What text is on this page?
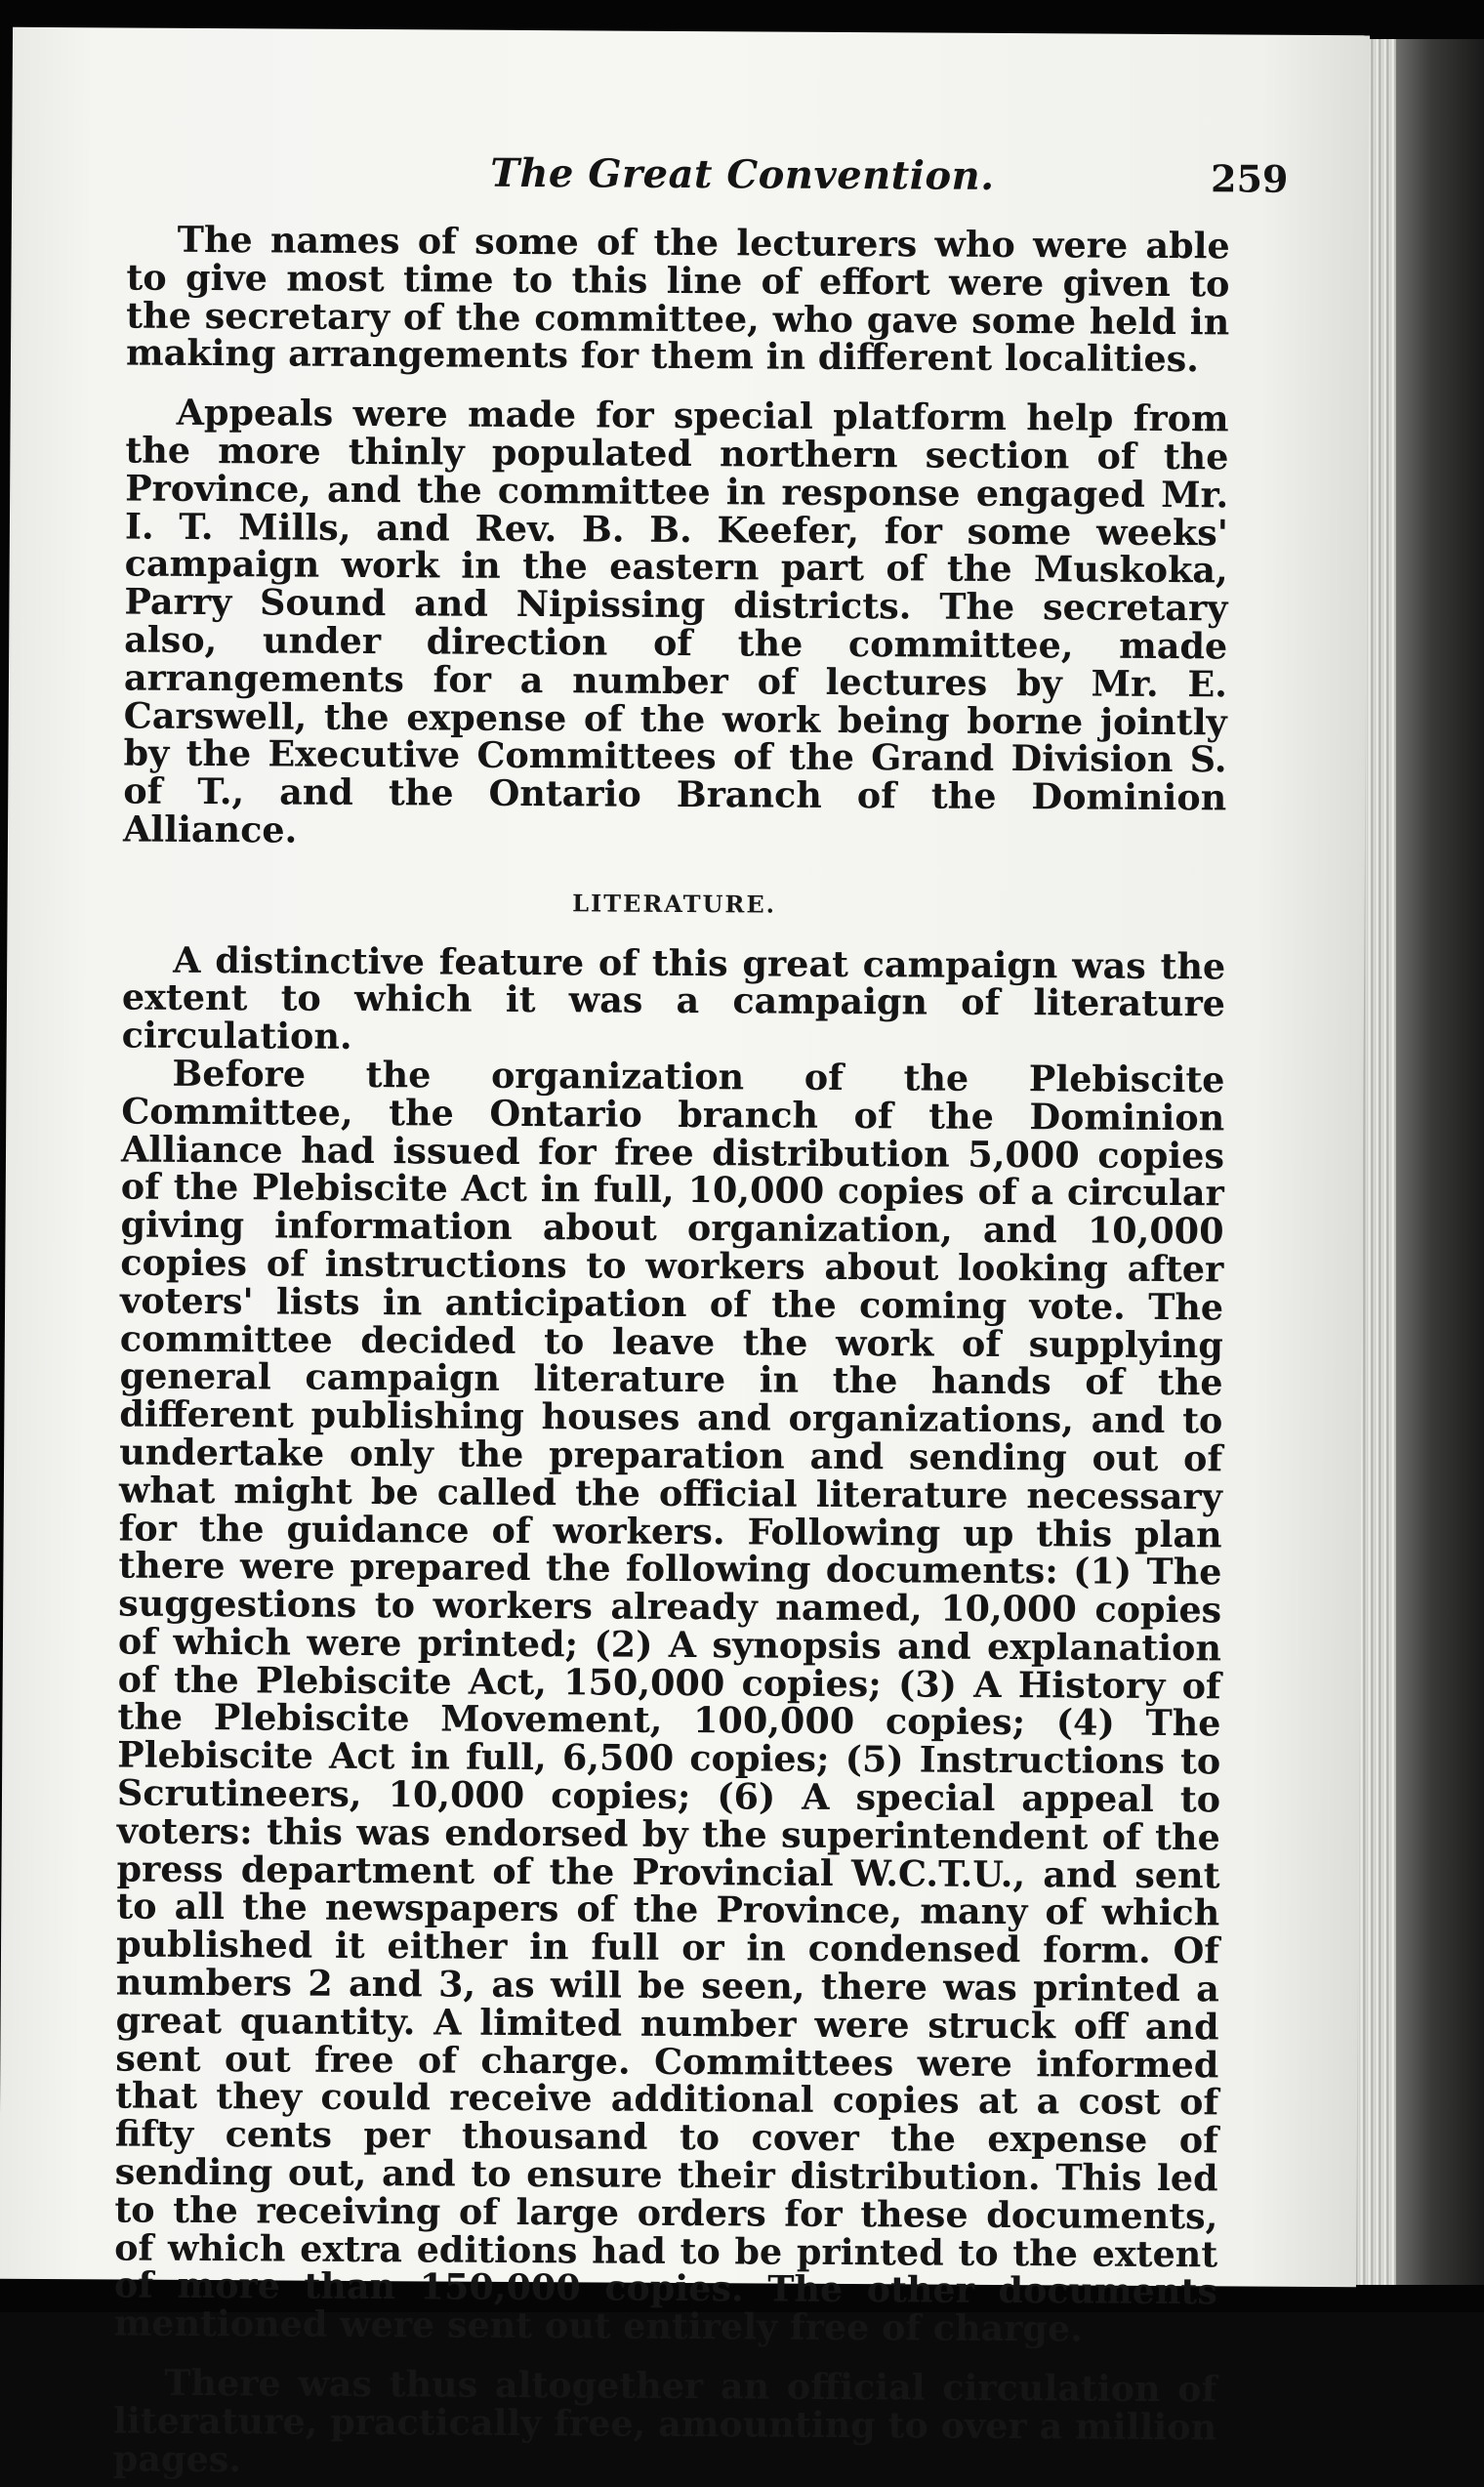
The Great Convention.	259

The names of some of the lecturers who were able to give most time to this line of effort were given to the secretary of the committee, who gave some held in making arrangements for them in different localities.

Appeals were made for special platform help from the more thinly populated northern section of the Province, and the committee in response engaged Mr. I. T. Mills, and Rev. B. B. Keefer, for some weeks' campaign work in the eastern part of the Muskoka, Parry Sound and Nipissing districts. The secretary also, under direction of the committee, made arrangements for a number of lectures by Mr. E. Carswell, the expense of the work being borne jointly by the Executive Committees of the Grand Division S. of T., and the Ontario Branch of the Dominion Alliance.

LITERATURE.

A distinctive feature of this great campaign was the extent to which it was a campaign of literature circulation.

Before the organization of the Plebiscite Committee, the Ontario branch of the Dominion Alliance had issued for free distribution 5,000 copies of the Plebiscite Act in full, 10,000 copies of a circular giving information about organization, and 10,000 copies of instructions to workers about looking after voters' lists in anticipation of the coming vote. The committee decided to leave the work of supplying general campaign literature in the hands of the different publishing houses and organizations, and to undertake only the preparation and sending out of what might be called the official literature necessary for the guidance of workers. Following up this plan there were prepared the following documents: (1) The suggestions to workers already named, 10,000 copies of which were printed; (2) A synopsis and explanation of the Plebiscite Act, 150,000 copies; (3) A History of the Plebiscite Movement, 100,000 copies; (4) The Plebiscite Act in full, 6,500 copies; (5) Instructions to Scrutineers, 10,000 copies; (6) A special appeal to voters: this was endorsed by the superintendent of the press department of the Provincial W.C.T.U., and sent to all the newspapers of the Province, many of which published it either in full or in condensed form. Of numbers 2 and 3, as will be seen, there was printed a great quantity. A limited number were struck off and sent out free of charge. Committees were informed that they could receive additional copies at a cost of fifty cents per thousand to cover the expense of sending out, and to ensure their distribution. This led to the receiving of large orders for these documents, of which extra editions had to be printed to the extent of more than 150,000 copies. The other documents mentioned were sent out entirely free of charge.

There was thus altogether an official circulation of literature, practically free, amounting to over a million pages.
